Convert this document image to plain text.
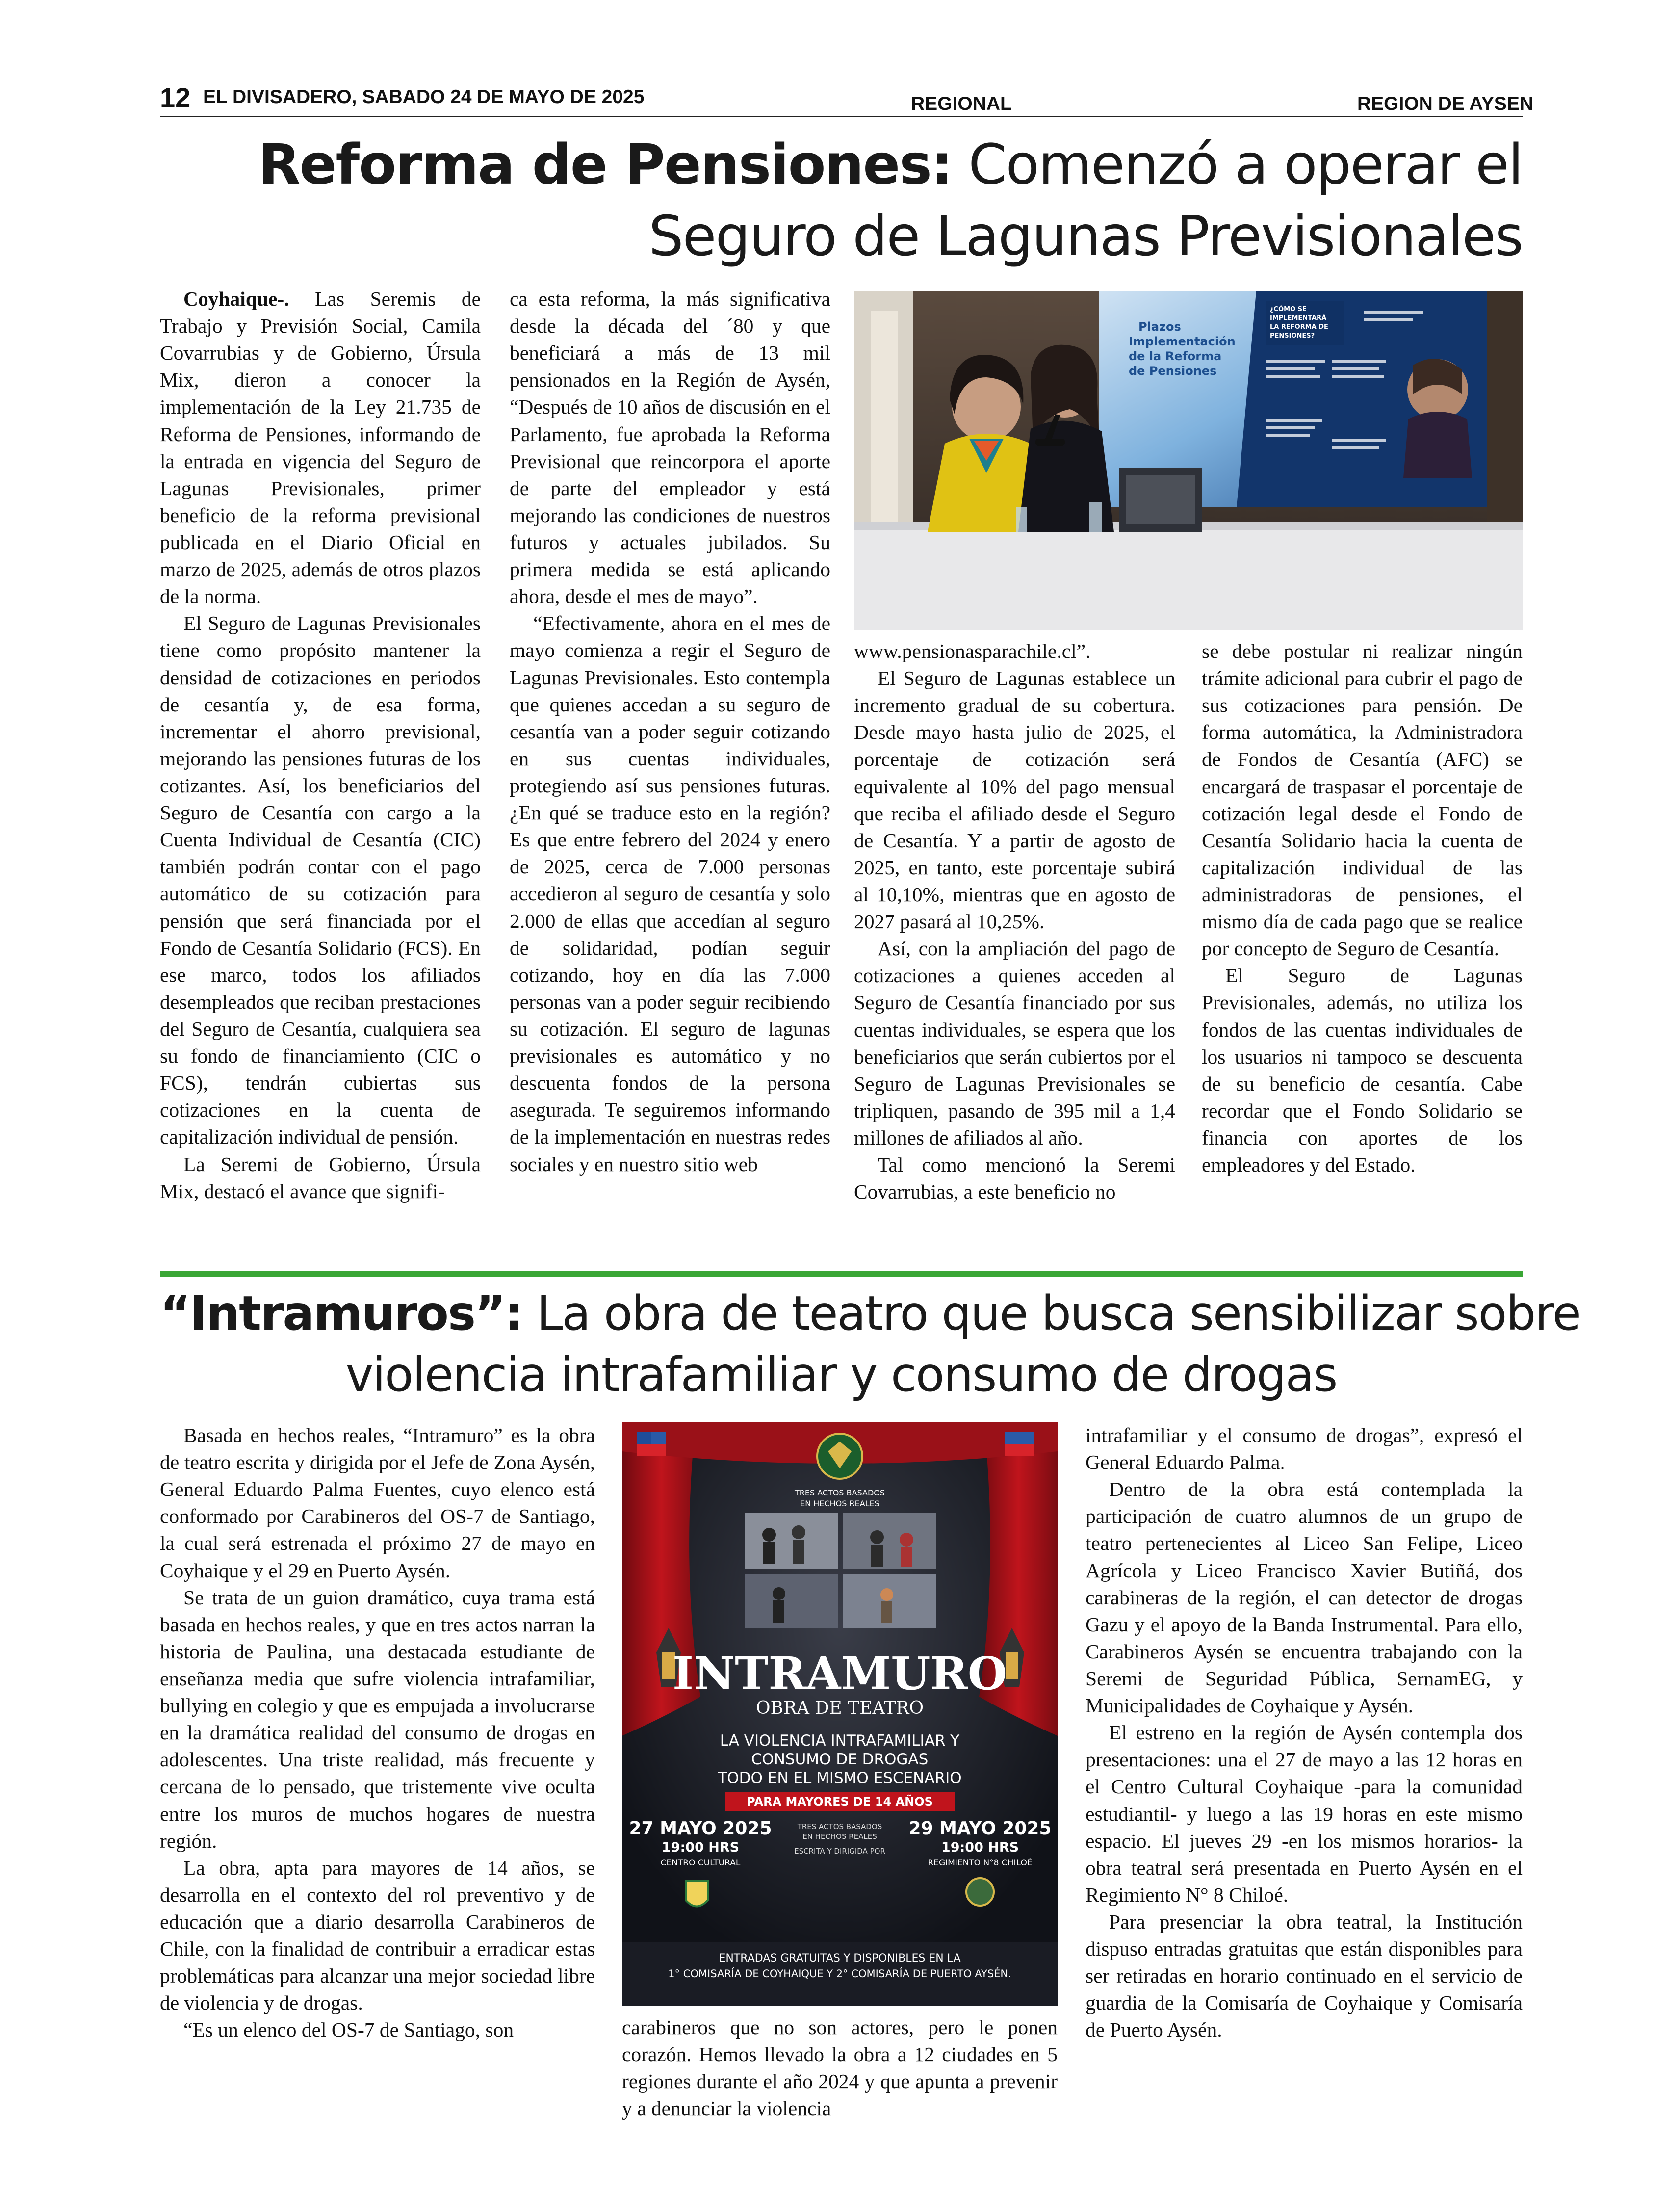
12 EL DIVISADERO, SABADO 24 DE MAYO DE 2025	REGIONAL	REGION DE AYSEN
Reforma de Pensiones: Comenzó a operar el
Seguro de Lagunas Previsionales
Plazos Implementación de la Reforma de Pensiones
¿CÓMO SE IMPLEMENTARÁ LA REFORMA DE PENSIONES?

Coyhaique-. Las Seremis de Trabajo y Previsión Social, Camila Covarrubias y de Gobierno, Úrsula Mix, dieron a conocer la implementación de la Ley 21.735 de Reforma de Pensiones, informando de la entrada en vigencia del Seguro de Lagunas Previsionales, primer beneficio de la reforma previsional publicada en el Diario Oficial en marzo de 2025, además de otros plazos de la norma.

El Seguro de Lagunas Previsionales tiene como propósito mantener la densidad de cotizaciones en periodos de cesantía y, de esa forma, incrementar el ahorro previsional, mejorando las pensiones futuras de los cotizantes. Así, los beneficiarios del Seguro de Cesantía con cargo a la Cuenta Individual de Cesantía (CIC) también podrán contar con el pago automático de su cotización para pensión que será financiada por el Fondo de Cesantía Solidario (FCS). En ese marco, todos los afiliados desempleados que reciban prestaciones del Seguro de Cesantía, cualquiera sea su fondo de financiamiento (CIC o FCS), tendrán cubiertas sus cotizaciones en la cuenta de capitalización individual de pensión.

La Seremi de Gobierno, Úrsula Mix, destacó el avance que signifi-

ca esta reforma, la más significativa desde la década del ´80 y que beneficiará a más de 13 mil pensionados en la Región de Aysén, “Después de 10 años de discusión en el Parlamento, fue aprobada la Reforma Previsional que reincorpora el aporte de parte del empleador y está mejorando las condiciones de nuestros futuros y actuales jubilados. Su primera medida se está aplicando ahora, desde el mes de mayo”.

“Efectivamente, ahora en el mes de mayo comienza a regir el Seguro de Lagunas Previsionales. Esto contempla que quienes accedan a su seguro de cesantía van a poder seguir cotizando en sus cuentas individuales, protegiendo así sus pensiones futuras. ¿En qué se traduce esto en la región? Es que entre febrero del 2024 y enero de 2025, cerca de 7.000 personas accedieron al seguro de cesantía y solo 2.000 de ellas que accedían al seguro de solidaridad, podían seguir cotizando, hoy en día las 7.000 personas van a poder seguir recibiendo su cotización. El seguro de lagunas previsionales es automático y no descuenta fondos de la persona asegurada. Te seguiremos informando de la implementación en nuestras redes sociales y en nuestro sitio web

www.pensionasparachile.cl”.

El Seguro de Lagunas establece un incremento gradual de su cobertura. Desde mayo hasta julio de 2025, el porcentaje de cotización será equivalente al 10% del pago mensual que reciba el afiliado desde el Seguro de Cesantía. Y a partir de agosto de 2025, en tanto, este porcentaje subirá al 10,10%, mientras que en agosto de 2027 pasará al 10,25%.

Así, con la ampliación del pago de cotizaciones a quienes acceden al Seguro de Cesantía financiado por sus cuentas individuales, se espera que los beneficiarios que serán cubiertos por el Seguro de Lagunas Previsionales se tripliquen, pasando de 395 mil a 1,4 millones de afiliados al año.

Tal como mencionó la Seremi Covarrubias, a este beneficio no

se debe postular ni realizar ningún trámite adicional para cubrir el pago de sus cotizaciones para pensión. De forma automática, la Administradora de Fondos de Cesantía (AFC) se encargará de traspasar el porcentaje de cotización legal desde el Fondo de Cesantía Solidario hacia la cuenta de capitalización individual de las administradoras de pensiones, el mismo día de cada pago que se realice por concepto de Seguro de Cesantía.

El Seguro de Lagunas Previsionales, además, no utiliza los fondos de las cuentas individuales de los usuarios ni tampoco se descuenta de su beneficio de cesantía. Cabe recordar que el Fondo Solidario se financia con aportes de los empleadores y del Estado.

“Intramuros”: La obra de teatro que busca sensibilizar sobre
violencia intrafamiliar y consumo de drogas

Basada en hechos reales, “Intramuro” es la obra de teatro escrita y dirigida por el Jefe de Zona Aysén, General Eduardo Palma Fuentes, cuyo elenco está conformado por Carabineros del OS-7 de Santiago, la cual será estrenada el próximo 27 de mayo en Coyhaique y el 29 en Puerto Aysén.

Se trata de un guion dramático, cuya trama está basada en hechos reales, y que en tres actos narran la historia de Paulina, una destacada estudiante de enseñanza media que sufre violencia intrafamiliar, bullying en colegio y que es empujada a involucrarse en la dramática realidad del consumo de drogas en adolescentes. Una triste realidad, más frecuente y cercana de lo pensado, que tristemente vive oculta entre los muros de muchos hogares de nuestra región.

La obra, apta para mayores de 14 años, se desarrolla en el contexto del rol preventivo y de educación que a diario desarrolla Carabineros de Chile, con la finalidad de contribuir a erradicar estas problemáticas para alcanzar una mejor sociedad libre de violencia y de drogas.

“Es un elenco del OS-7 de Santiago, son

TRES ACTOS BASADOS
EN HECHOS REALES
INTRAMURO
OBRA DE TEATRO
LA VIOLENCIA INTRAFAMILIAR Y
CONSUMO DE DROGAS
TODO EN EL MISMO ESCENARIO
PARA MAYORES DE 14 AÑOS
27 MAYO 2025
19:00 HRS
CENTRO CULTURAL
29 MAYO 2025
19:00 HRS
REGIMIENTO N°8 CHILOÉ
TRES ACTOS BASADOS
EN HECHOS REALES
ESCRITA Y DIRIGIDA POR
ENTRADAS GRATUITAS Y DISPONIBLES EN LA
1° COMISARÍA DE COYHAIQUE Y 2° COMISARÍA DE PUERTO AYSÉN.

carabineros que no son actores, pero le ponen corazón. Hemos llevado la obra a 12 ciudades en 5 regiones durante el año 2024 y que apunta a prevenir y a denunciar la violencia

intrafamiliar y el consumo de drogas”, expresó el General Eduardo Palma.

Dentro de la obra está contemplada la participación de cuatro alumnos de un grupo de teatro pertenecientes al Liceo San Felipe, Liceo Agrícola y Liceo Francisco Xavier Butiñá, dos carabineras de la región, el can detector de drogas Gazu y el apoyo de la Banda Instrumental. Para ello, Carabineros Aysén se encuentra trabajando con la Seremi de Seguridad Pública, SernamEG, y Municipalidades de Coyhaique y Aysén.

El estreno en la región de Aysén contempla dos presentaciones: una el 27 de mayo a las 12 horas en el Centro Cultural Coyhaique -para la comunidad estudiantil- y luego a las 19 horas en este mismo espacio. El jueves 29 -en los mismos horarios- la obra teatral será presentada en Puerto Aysén en el Regimiento N° 8 Chiloé.

Para presenciar la obra teatral, la Institución dispuso entradas gratuitas que están disponibles para ser retiradas en horario continuado en el servicio de guardia de la Comisaría de Coyhaique y Comisaría de Puerto Aysén.
